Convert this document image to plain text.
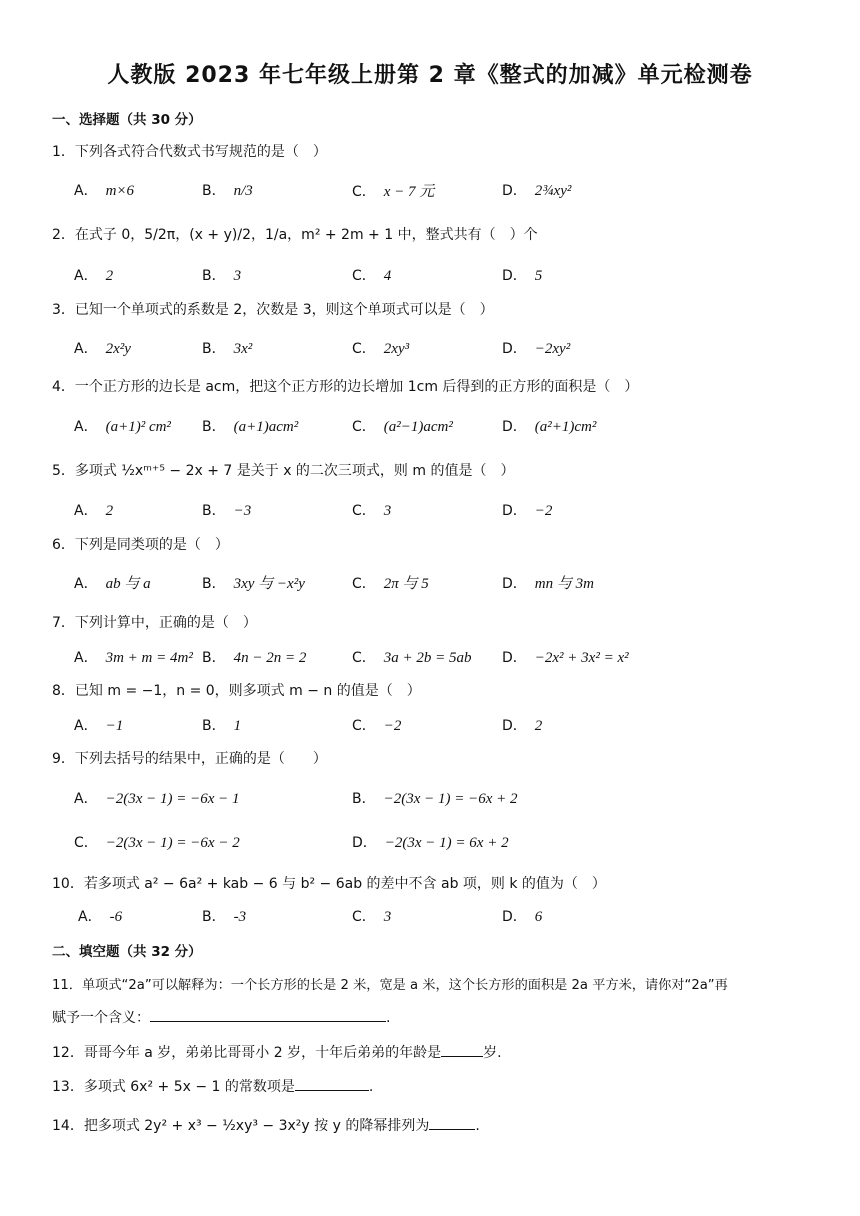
人教版 2023 年七年级上册第 2 章《整式的加减》单元检测卷
一、选择题（共 30 分）
1．下列各式符合代数式书写规范的是（　）
A． m×6	B． n/3	C． x − 7 元	D． 2¾xy²
2．在式子 0，5/2π，(x + y)/2，1/a，m² + 2m + 1 中，整式共有（　）个
A． 2	B． 3	C． 4	D． 5
3．已知一个单项式的系数是 2，次数是 3，则这个单项式可以是（　）
A． 2x²y	B． 3x²	C． 2xy³	D． −2xy²
4．一个正方形的边长是 acm，把这个正方形的边长增加 1cm 后得到的正方形的面积是（　）
A． (a+1)² cm² B． (a+1)acm²	C． (a²−1)acm²	D． (a²+1)cm²
5．多项式 ½xᵐ⁺⁵ − 2x + 7 是关于 x 的二次三项式，则 m 的值是（　）
A． 2	B． −3	C． 3	D． −2
6．下列是同类项的是（　）
A． ab 与 a	B． 3xy 与 −x²y	C． 2π 与 5	D． mn 与 3m
7．下列计算中，正确的是（　）
A． 3m + m = 4m² B． 4n − 2n = 2	C． 3a + 2b = 5ab D． −2x² + 3x² = x²
8．已知 m = −1，n = 0，则多项式 m − n 的值是（　）
A． −1	B． 1	C． −2	D． 2
9．下列去括号的结果中，正确的是（　　）
A． −2(3x − 1) = −6x − 1	B． −2(3x − 1) = −6x + 2
C． −2(3x − 1) = −6x − 2	D． −2(3x − 1) = 6x + 2
10．若多项式 a² − 6a² + kab − 6 与 b² − 6ab 的差中不含 ab 项，则 k 的值为（　）
A． -6	B． -3	C． 3	D． 6
二、填空题（共 32 分）
11．单项式“2a”可以解释为：一个长方形的长是 2 米，宽是 a 米，这个长方形的面积是 2a 平方米，请你对“2a”再
赋予一个含义：	.
12．哥哥今年 a 岁，弟弟比哥哥小 2 岁，十年后弟弟的年龄是	岁.
13．多项式 6x² + 5x − 1 的常数项是	.
14．把多项式 2y² + x³ − ½xy³ − 3x²y 按 y 的降幂排列为	.
